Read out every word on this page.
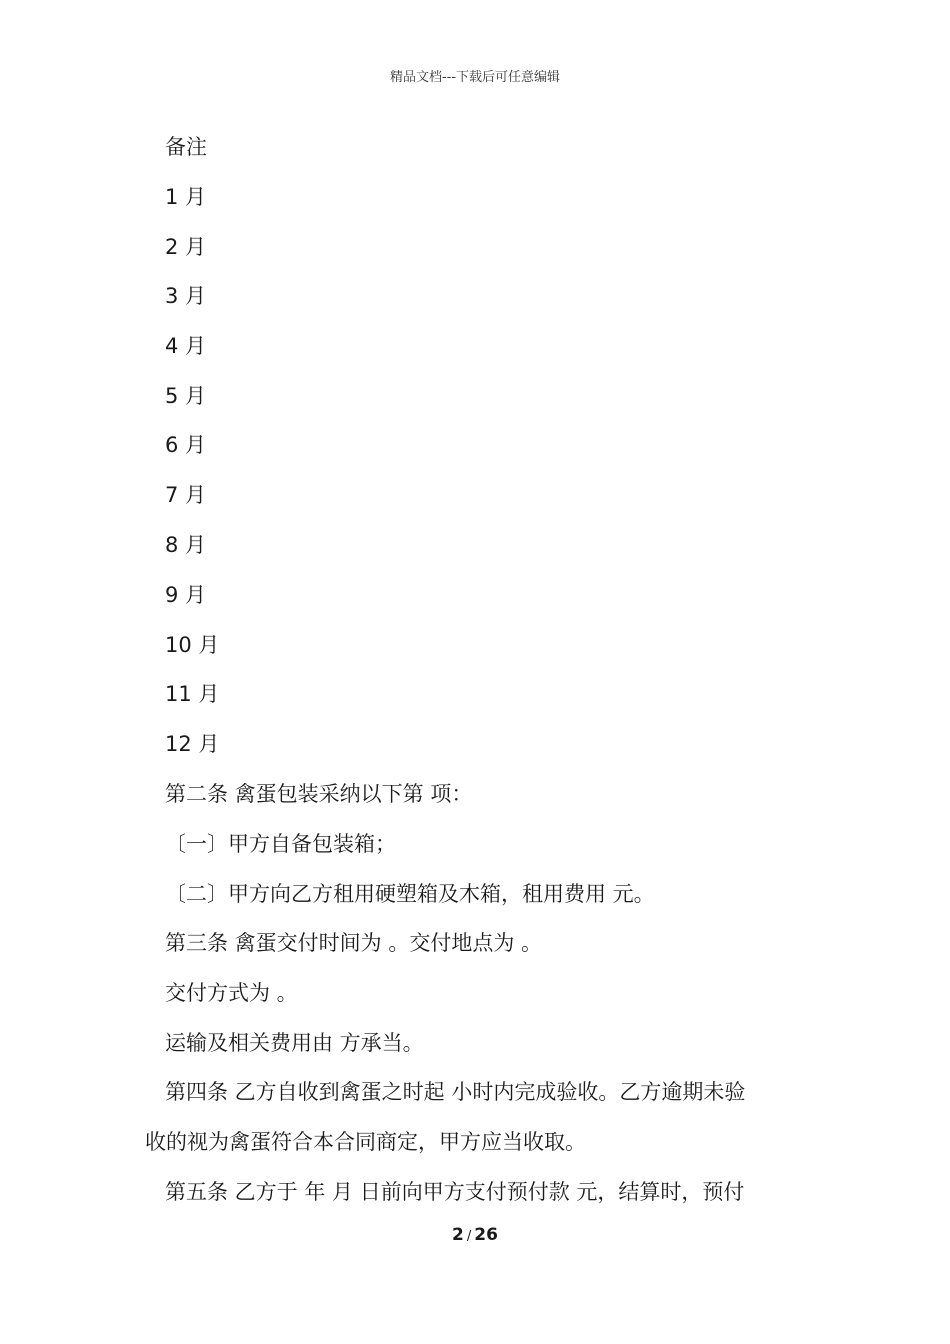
精品文档---下载后可任意编辑
备注
1 月
2 月
3 月
4 月
5 月
6 月
7 月
8 月
9 月
10 月
11 月
12 月
第二条 禽蛋包装采纳以下第 项：
〔一〕甲方自备包装箱；
〔二〕甲方向乙方租用硬塑箱及木箱，租用费用 元。
第三条 禽蛋交付时间为 。交付地点为 。
交付方式为 。
运输及相关费用由 方承当。
第四条 乙方自收到禽蛋之时起 小时内完成验收。乙方逾期未验
收的视为禽蛋符合本合同商定，甲方应当收取。
第五条 乙方于 年 月 日前向甲方支付预付款 元，结算时，预付
2 / 26
